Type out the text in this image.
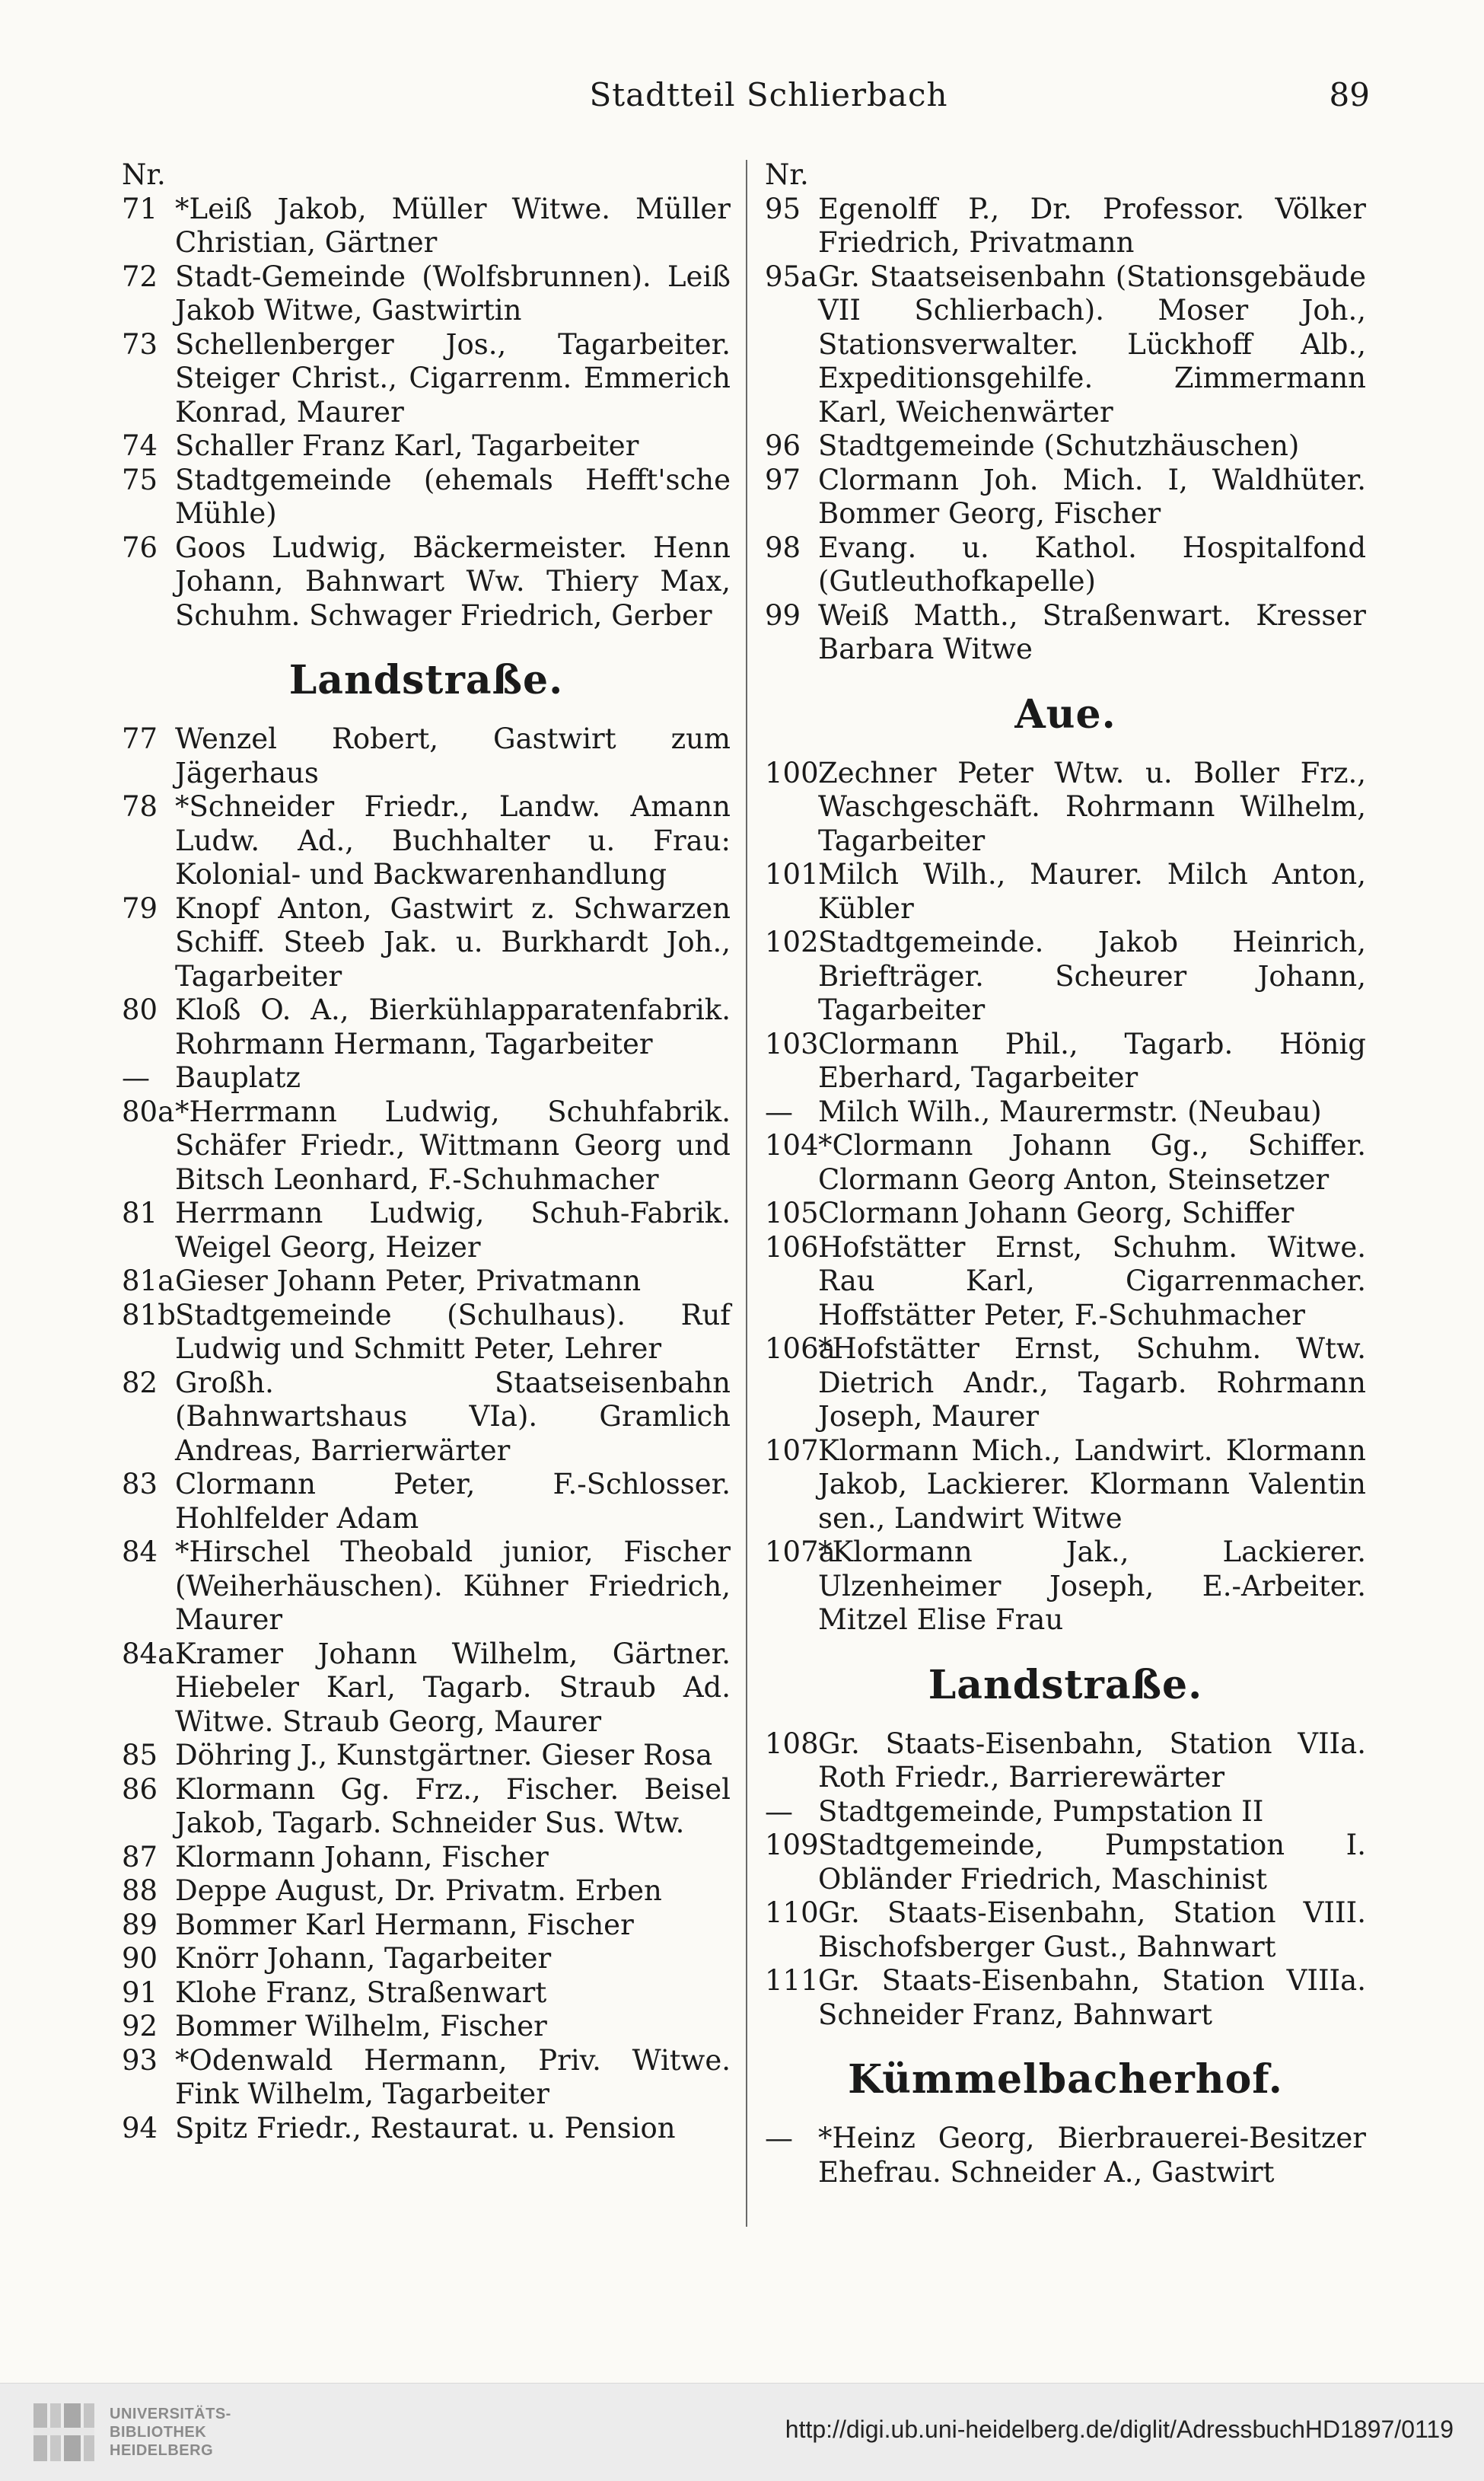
Stadtteil Schlierbach	89
Nr.
71 *Leiß Jakob, Müller Witwe. Müller Christian, Gärtner
72 Stadt-Gemeinde (Wolfsbrunnen). Leiß Jakob Witwe, Gastwirtin
73 Schellenberger Jos., Tagarbeiter. Steiger Christ., Cigarrenm. Emmerich Konrad, Maurer
74 Schaller Franz Karl, Tagarbeiter
75 Stadtgemeinde (ehemals Hefft'sche Mühle)
76 Goos Ludwig, Bäckermeister. Henn Johann, Bahnwart Ww. Thiery Max, Schuhm. Schwager Friedrich, Gerber
Landstraße.
77 Wenzel Robert, Gastwirt zum Jägerhaus
78 *Schneider Friedr., Landw. Amann Ludw. Ad., Buchhalter u. Frau: Kolonial- und Backwarenhandlung
79 Knopf Anton, Gastwirt z. Schwarzen Schiff. Steeb Jak. u. Burkhardt Joh., Tagarbeiter
80 Kloß O. A., Bierkühlapparatenfabrik. Rohrmann Hermann, Tagarbeiter
— Bauplatz
80a *Herrmann Ludwig, Schuhfabrik. Schäfer Friedr., Wittmann Georg und Bitsch Leonhard, F.-Schuhmacher
81 Herrmann Ludwig, Schuh-Fabrik. Weigel Georg, Heizer
81a Gieser Johann Peter, Privatmann
81b Stadtgemeinde (Schulhaus). Ruf Ludwig und Schmitt Peter, Lehrer
82 Großh. Staatseisenbahn (Bahnwartshaus VIa). Gramlich Andreas, Barrierwärter
83 Clormann Peter, F.-Schlosser. Hohlfelder Adam
84 *Hirschel Theobald junior, Fischer (Weiherhäuschen). Kühner Friedrich, Maurer
84a Kramer Johann Wilhelm, Gärtner. Hiebeler Karl, Tagarb. Straub Ad. Witwe. Straub Georg, Maurer
85 Döhring J., Kunstgärtner. Gieser Rosa
86 Klormann Gg. Frz., Fischer. Beisel Jakob, Tagarb. Schneider Sus. Wtw.
87 Klormann Johann, Fischer
88 Deppe August, Dr. Privatm. Erben
89 Bommer Karl Hermann, Fischer
90 Knörr Johann, Tagarbeiter
91 Klohe Franz, Straßenwart
92 Bommer Wilhelm, Fischer
93 *Odenwald Hermann, Priv. Witwe. Fink Wilhelm, Tagarbeiter
94 Spitz Friedr., Restaurat. u. Pension
Nr.
95 Egenolff P., Dr. Professor. Völker Friedrich, Privatmann
95a Gr. Staatseisenbahn (Stationsgebäude VII Schlierbach). Moser Joh., Stationsverwalter. Lückhoff Alb., Expeditionsgehilfe. Zimmermann Karl, Weichenwärter
96 Stadtgemeinde (Schutzhäuschen)
97 Clormann Joh. Mich. I, Waldhüter. Bommer Georg, Fischer
98 Evang. u. Kathol. Hospitalfond (Gutleuthofkapelle)
99 Weiß Matth., Straßenwart. Kresser Barbara Witwe
Aue.
100 Zechner Peter Wtw. u. Boller Frz., Waschgeschäft. Rohrmann Wilhelm, Tagarbeiter
101 Milch Wilh., Maurer. Milch Anton, Kübler
102 Stadtgemeinde. Jakob Heinrich, Briefträger. Scheurer Johann, Tagarbeiter
103 Clormann Phil., Tagarb. Hönig Eberhard, Tagarbeiter
— Milch Wilh., Maurermstr. (Neubau)
104 *Clormann Johann Gg., Schiffer. Clormann Georg Anton, Steinsetzer
105 Clormann Johann Georg, Schiffer
106 Hofstätter Ernst, Schuhm. Witwe. Rau Karl, Cigarrenmacher. Hoffstätter Peter, F.-Schuhmacher
106a
*Hofstätter Ernst, Schuhm. Wtw. Dietrich Andr., Tagarb. Rohrmann Joseph, Maurer
107 Klormann Mich., Landwirt. Klormann Jakob, Lackierer. Klormann Valentin sen., Landwirt Witwe
107a
*Klormann Jak., Lackierer. Ulzenheimer Joseph, E.-Arbeiter. Mitzel Elise Frau
Landstraße.
108 Gr. Staats-Eisenbahn, Station VIIa. Roth Friedr., Barrierewärter
— Stadtgemeinde, Pumpstation II
109 Stadtgemeinde, Pumpstation I. Obländer Friedrich, Maschinist
110 Gr. Staats-Eisenbahn, Station VIII. Bischofsberger Gust., Bahnwart
111 Gr. Staats-Eisenbahn, Station VIIIa. Schneider Franz, Bahnwart
Kümmelbacherhof.
— *Heinz Georg, Bierbrauerei-Besitzer Ehefrau. Schneider A., Gastwirt
UNIVERSITÄTS-
BIBLIOTHEK
HEIDELBERG
http://digi.ub.uni-heidelberg.de/diglit/AdressbuchHD1897/0119
